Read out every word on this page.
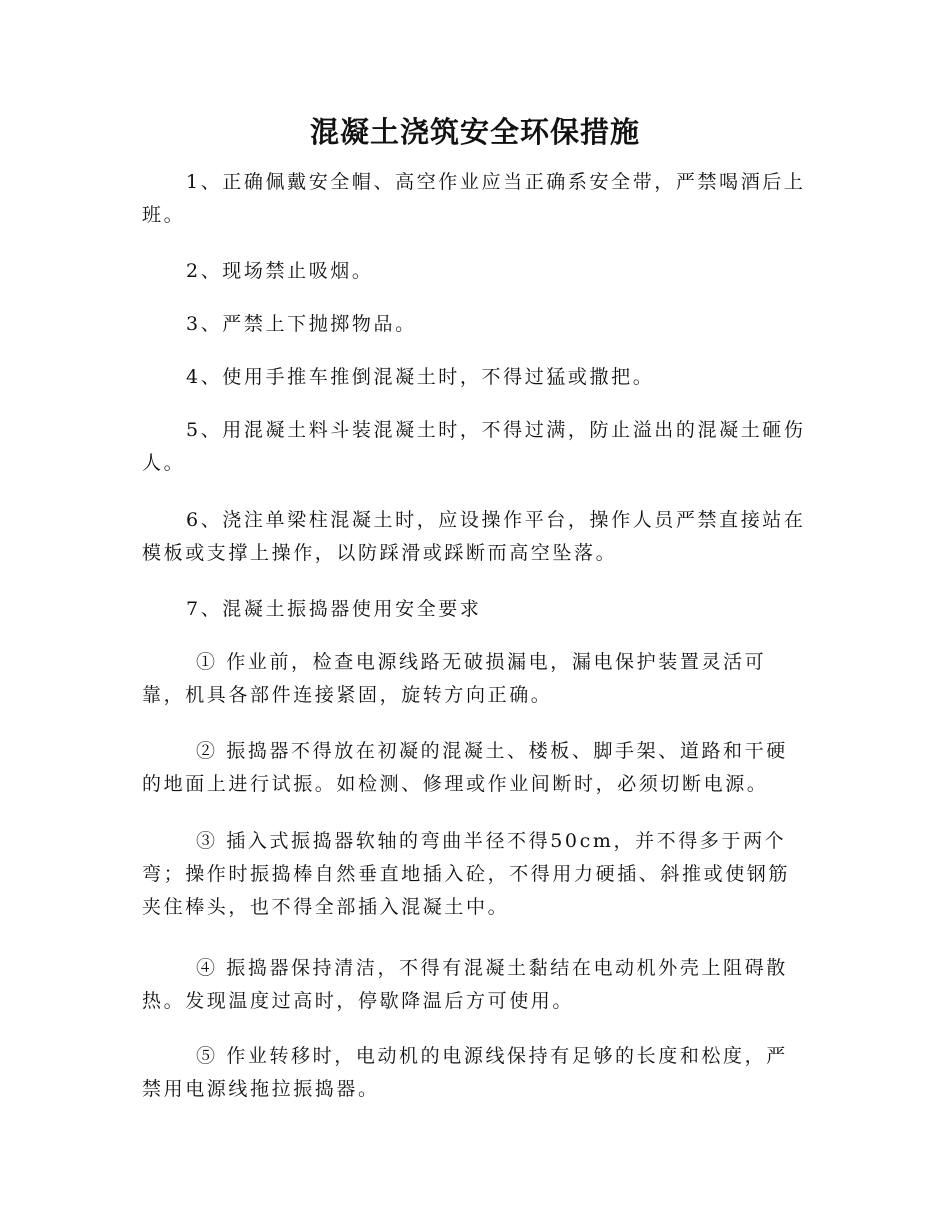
混凝土浇筑安全环保措施

1、正确佩戴安全帽、高空作业应当正确系安全带，严禁喝酒后上班。

2、现场禁止吸烟。

3、严禁上下抛掷物品。

4、使用手推车推倒混凝土时，不得过猛或撒把。

5、用混凝土料斗装混凝土时，不得过满，防止溢出的混凝土砸伤人。

6、浇注单梁柱混凝土时，应设操作平台，操作人员严禁直接站在模板或支撑上操作，以防踩滑或踩断而高空坠落。

7、混凝土振捣器使用安全要求

① 作业前，检查电源线路无破损漏电，漏电保护装置灵活可靠，机具各部件连接紧固，旋转方向正确。

② 振捣器不得放在初凝的混凝土、楼板、脚手架、道路和干硬的地面上进行试振。如检测、修理或作业间断时，必须切断电源。

③ 插入式振捣器软轴的弯曲半径不得50cm，并不得多于两个弯；操作时振捣棒自然垂直地插入砼，不得用力硬插、斜推或使钢筋夹住棒头，也不得全部插入混凝土中。

④ 振捣器保持清洁，不得有混凝土黏结在电动机外壳上阻碍散热。发现温度过高时，停歇降温后方可使用。

⑤ 作业转移时，电动机的电源线保持有足够的长度和松度，严禁用电源线拖拉振捣器。
